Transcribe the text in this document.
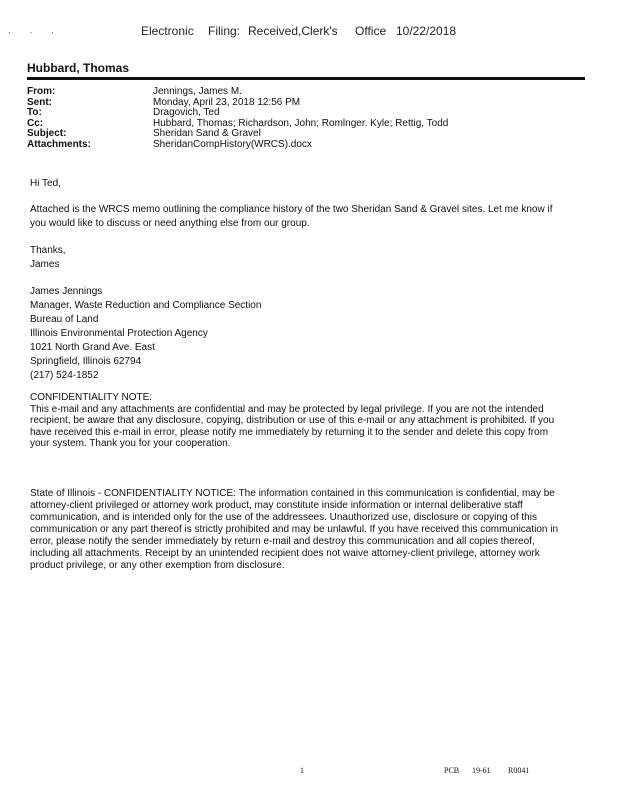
· · ·	Electronic Filing: Received,Clerk's Office 10/22/2018
Hubbard, Thomas
From:	Jennings, James M.
Sent:	Monday, April 23, 2018 12:56 PM
To:	Dragovich, Ted
Cc:	Hubbard, Thomas; Richardson, John; Romlnger. Kyle; Rettig, Todd
Subject:	Sheridan Sand & Gravel
Attachments:	SheridanCompHistory(WRCS).docx
Hi Ted,
Attached is the WRCS memo outlining the compliance history of the two Sheridan Sand & Gravel sites. Let me know if
you would like to discuss or need anything else from our group.
Thanks,
James
James Jennings
Manager, Waste Reduction and Compliance Section
Bureau of Land
Illinois Environmental Protection Agency
1021 North Grand Ave. East
Springfield, Illinois 62794
(217) 524-1852
CONFIDENTIALITY NOTE:
This e-mail and any attachments are confidential and may be protected by legal privilege. If you are not the intended
recipient, be aware that any disclosure, copying, distribution or use of this e-mail or any attachment is prohibited. If you
have received this e-mail in error, please notify me immediately by returning it to the sender and delete this copy from
your system. Thank you for your cooperation.
State of Illinois - CONFIDENTIALITY NOTICE: The information contained in this communication is confidential, may be
attorney-client privileged or attorney work product, may constitute inside information or internal deliberative staff
communication, and is intended only for the use of the addressees. Unauthorized use, disclosure or copying of this
communication or any part thereof is strictly prohibited and may be unlawful. If you have received this communication in
error, please notify the sender immediately by return e-mail and destroy this communication and all copies thereof,
including all attachments. Receipt by an unintended recipient does not waive attorney-client privilege, attorney work
product privilege, or any other exemption from disclosure.
1	PCB 19-61 R0041
